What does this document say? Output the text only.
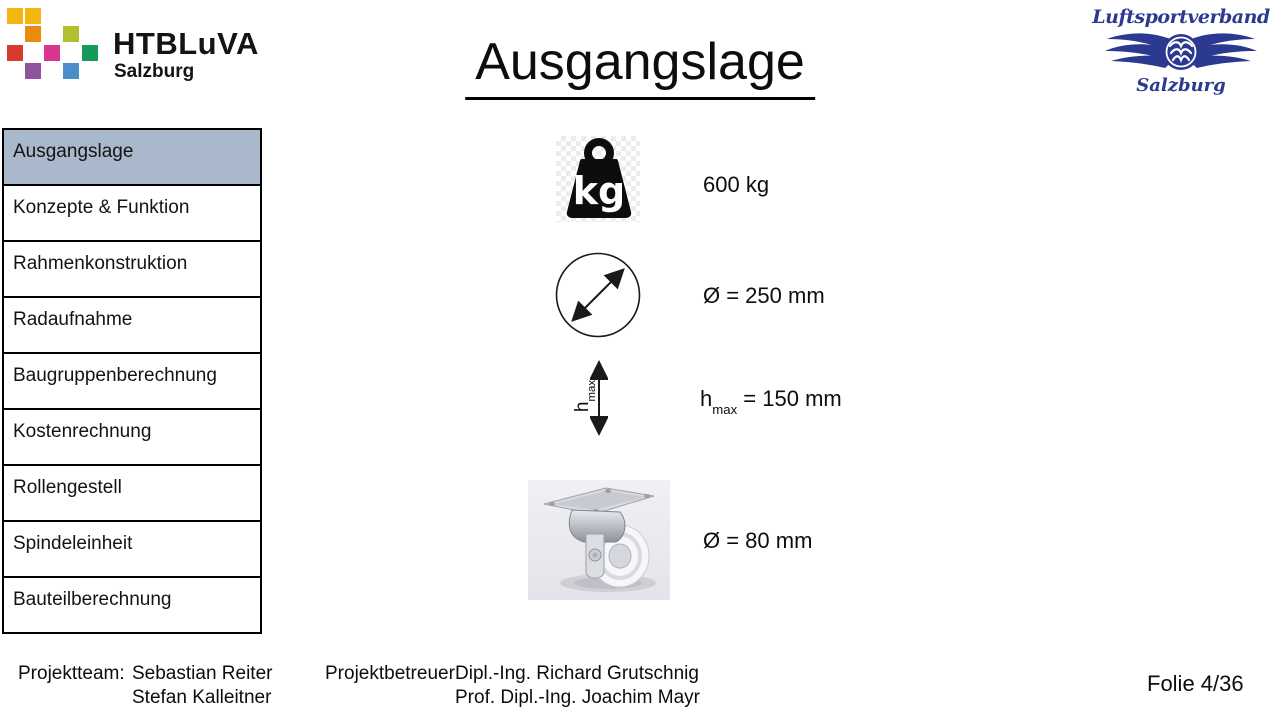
HTBLuVA
Salzburg	Ausgangslage
Luftsportverband
Salzburg
Ausgangslage
Konzepte & Funktion
Rahmenkonstruktion
Radaufnahme
Baugruppenberechnung
Kostenrechnung
Rollengestell
Spindeleinheit
Bauteilberechnung
kg	600 kg
Ø = 250 mm
$h_{max}$	$h_{max} = 150$ mm
Ø = 80 mm
Projektteam: Sebastian Reiter
Stefan Kalleitner
Projektbetreuer:
Dipl.-Ing. Richard Grutschnig
Prof. Dipl.-Ing. Joachim Mayr
Folie 4/36
